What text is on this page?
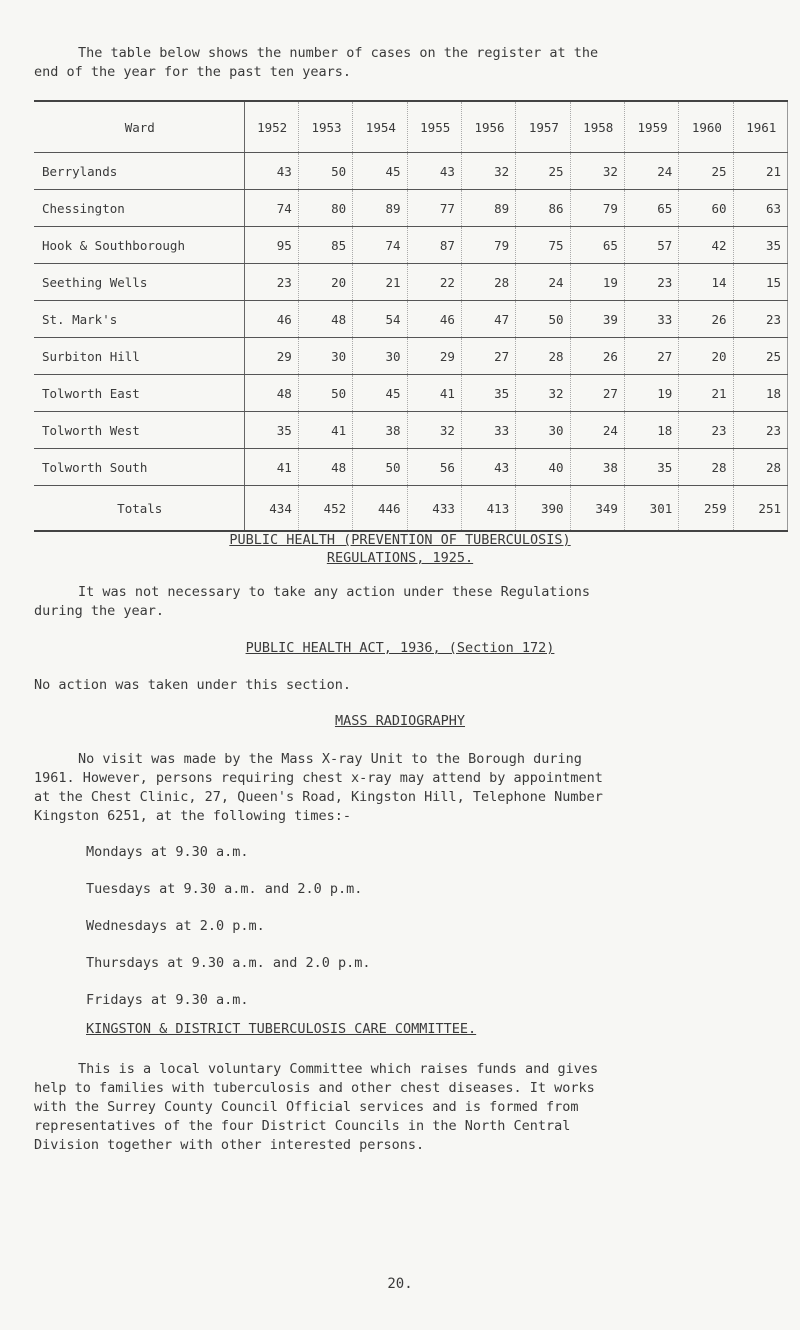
The table below shows the number of cases on the register at the
end of the year for the past ten years.
Ward	1952	1953	1954	1955	1956	1957	1958	1959	1960	1961
Berrylands	43	50	45	43	32	25	32	24	25	21
Chessington	74	80	89	77	89	86	79	65	60	63
Hook & Southborough	95	85	74	87	79	75	65	57	42	35
Seething Wells	23	20	21	22	28	24	19	23	14	15
St. Mark's	46	48	54	46	47	50	39	33	26	23
Surbiton Hill	29	30	30	29	27	28	26	27	20	25
Tolworth East	48	50	45	41	35	32	27	19	21	18
Tolworth West	35	41	38	32	33	30	24	18	23	23
Tolworth South	41	48	50	56	43	40	38	35	28	28
Totals	434	452	446	433	413	390	349	301	259	251
PUBLIC HEALTH (PREVENTION OF TUBERCULOSIS)
REGULATIONS, 1925.
It was not necessary to take any action under these Regulations
during the year.
PUBLIC HEALTH ACT, 1936, (Section 172)
No action was taken under this section.
MASS RADIOGRAPHY
No visit was made by the Mass X-ray Unit to the Borough during
1961. However, persons requiring chest x-ray may attend by appointment
at the Chest Clinic, 27, Queen's Road, Kingston Hill, Telephone Number
Kingston 6251, at the following times:-
Mondays at 9.30 a.m.
Tuesdays at 9.30 a.m. and 2.0 p.m.
Wednesdays at 2.0 p.m.
Thursdays at 9.30 a.m. and 2.0 p.m.
Fridays at 9.30 a.m.
KINGSTON & DISTRICT TUBERCULOSIS CARE COMMITTEE.
This is a local voluntary Committee which raises funds and gives
help to families with tuberculosis and other chest diseases. It works
with the Surrey County Council Official services and is formed from
representatives of the four District Councils in the North Central
Division together with other interested persons.
20.
